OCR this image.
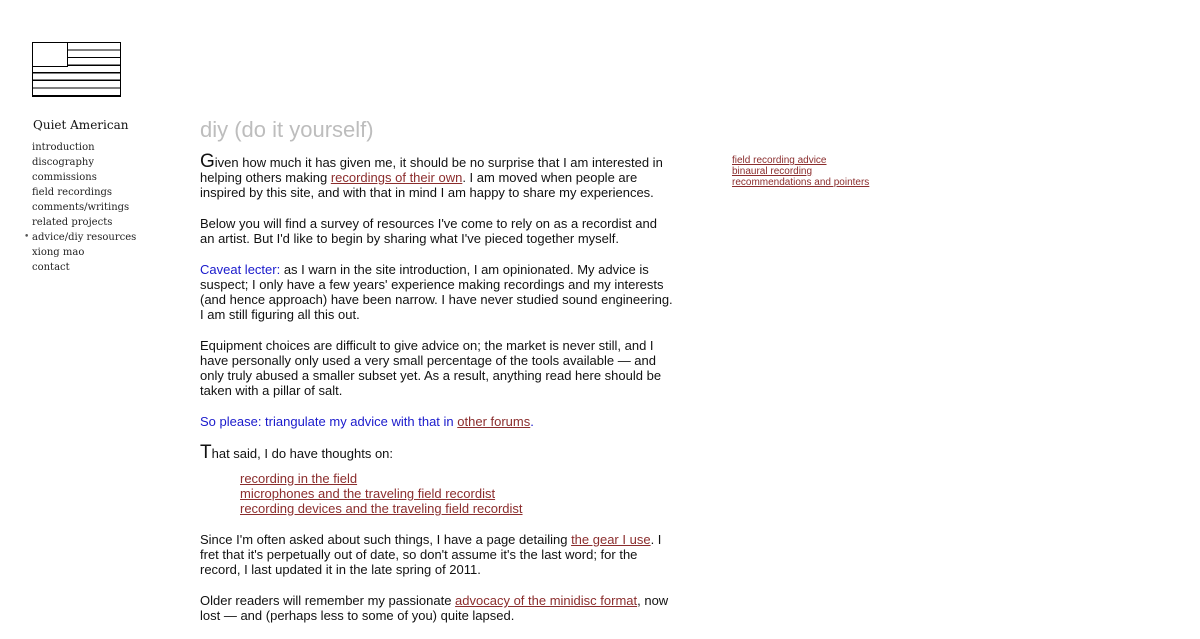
Quiet American
introduction
discography
commissions
field recordings
comments/writings
related projects
• advice/diy resources
xiong mao
contact
diy (do it yourself)

Given how much it has given me, it should be no surprise that I am interested in helping others making recordings of their own. I am moved when people are inspired by this site, and with that in mind I am happy to share my experiences.

Below you will find a survey of resources I've come to rely on as a recordist and an artist. But I'd like to begin by sharing what I've pieced together myself.

Caveat lecter: as I warn in the site introduction, I am opinionated. My advice is suspect; I only have a few years' experience making recordings and my interests (and hence approach) have been narrow. I have never studied sound engineering. I am still figuring all this out.

Equipment choices are difficult to give advice on; the market is never still, and I have personally only used a very small percentage of the tools available — and only truly abused a smaller subset yet. As a result, anything read here should be taken with a pillar of salt.

So please: triangulate my advice with that in other forums.

That said, I do have thoughts on:

recording in the field
microphones and the traveling field recordist
recording devices and the traveling field recordist

Since I'm often asked about such things, I have a page detailing the gear I use. I fret that it's perpetually out of date, so don't assume it's the last word; for the record, I last updated it in the late spring of 2011.

Older readers will remember my passionate advocacy of the minidisc format, now lost — and (perhaps less to some of you) quite lapsed.

field recording advice
binaural recording
recommendations and pointers
